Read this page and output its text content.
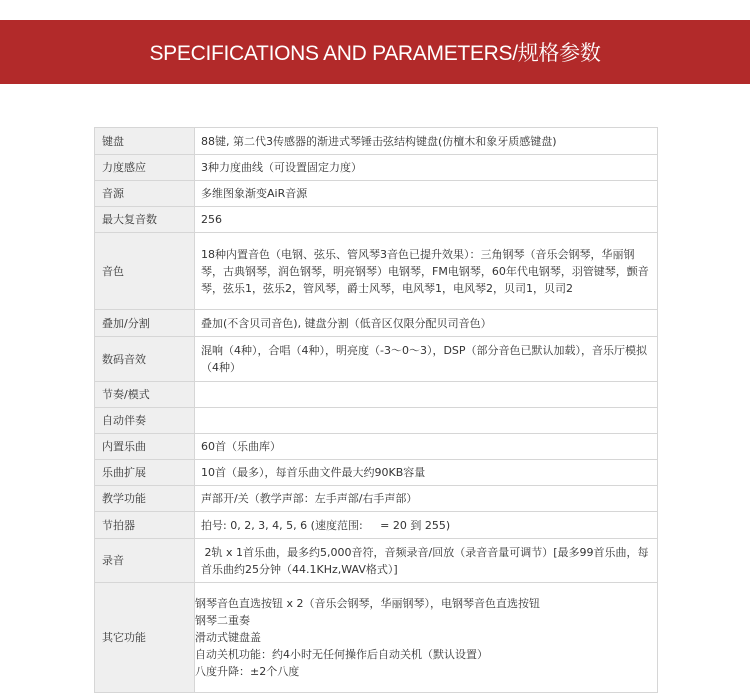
SPECIFICATIONS AND PARAMETERS/规格参数
键盘	88键, 第二代3传感器的渐进式琴锤击弦结构键盘(仿檀木和象牙质感键盘)
力度感应	3种力度曲线（可设置固定力度）
音源	多维图象渐变AiR音源
最大复音数	256
音色	18种内置音色（电钢、弦乐、管风琴3音色已提升效果）：三角钢琴（音乐会钢琴，华丽钢琴，古典钢琴，润色钢琴，明亮钢琴）电钢琴，FM电钢琴，60年代电钢琴，羽管键琴，颤音琴，弦乐1，弦乐2，管风琴，爵士风琴，电风琴1，电风琴2，贝司1，贝司2
叠加/分割	叠加(不含贝司音色), 键盘分割（低音区仅限分配贝司音色）
数码音效	混响（4种），合唱（4种），明亮度（-3～0～3），DSP（部分音色已默认加载），音乐厅模拟（4种）
节奏/模式	
自动伴奏	
内置乐曲	60首（乐曲库）
乐曲扩展	10首（最多），每首乐曲文件最大约90KB容量
教学功能	声部开/关（教学声部：左手声部/右手声部）
节拍器	拍号: 0, 2, 3, 4, 5, 6 (速度范围:     = 20 到 255)
录音	2轨 x 1首乐曲，最多约5,000音符，音频录音/回放（录音音量可调节）[最多99首乐曲，每首乐曲约25分钟（44.1KHz,WAV格式）]
其它功能	钢琴音色直选按钮 x 2（音乐会钢琴，华丽钢琴），电钢琴音色直选按钮
钢琴二重奏
滑动式键盘盖
自动关机功能：约4小时无任何操作后自动关机（默认设置）
八度升降：±2个八度
